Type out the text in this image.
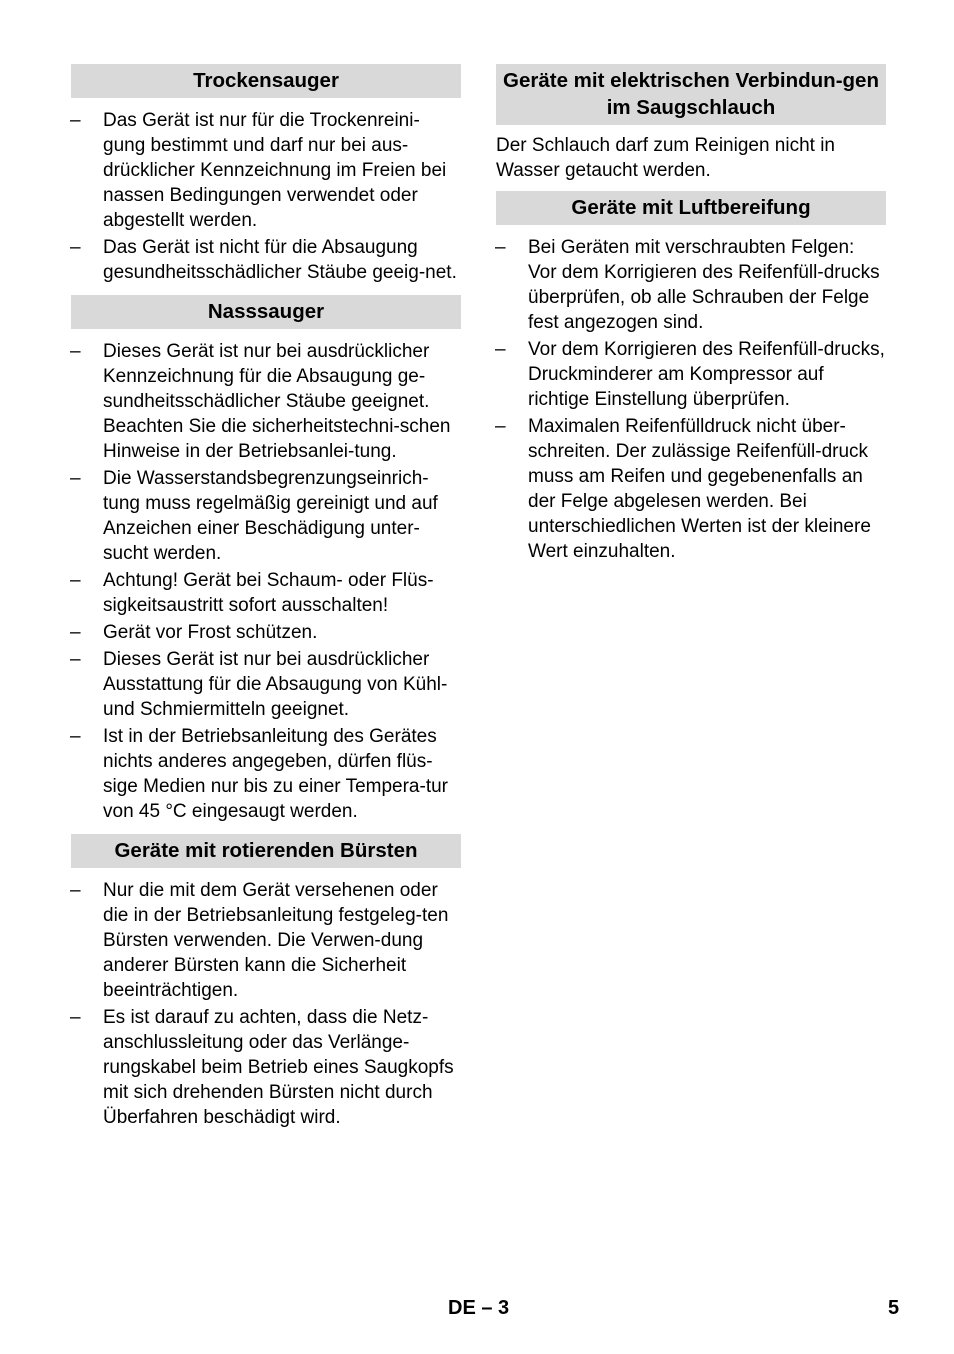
Trockensauger
– Das Gerät ist nur für die Trockenreini-gung bestimmt und darf nur bei aus-drücklicher Kennzeichnung im Freien bei nassen Bedingungen verwendet oder abgestellt werden.
– Das Gerät ist nicht für die Absaugung gesundheitsschädlicher Stäube geeig-net.
Nasssauger
– Dieses Gerät ist nur bei ausdrücklicher Kennzeichnung für die Absaugung ge-sundheitsschädlicher Stäube geeignet. Beachten Sie die sicherheitstechni-schen Hinweise in der Betriebsanlei-tung.
– Die Wasserstandsbegrenzungseinrich-tung muss regelmäßig gereinigt und auf Anzeichen einer Beschädigung unter-sucht werden.
– Achtung! Gerät bei Schaum- oder Flüs-sigkeitsaustritt sofort ausschalten!
– Gerät vor Frost schützen.
– Dieses Gerät ist nur bei ausdrücklicher Ausstattung für die Absaugung von Kühl- und Schmiermitteln geeignet.
– Ist in der Betriebsanleitung des Gerätes nichts anderes angegeben, dürfen flüs-sige Medien nur bis zu einer Tempera-tur von 45 °C eingesaugt werden.
Geräte mit rotierenden Bürsten
– Nur die mit dem Gerät versehenen oder die in der Betriebsanleitung festgeleg-ten Bürsten verwenden. Die Verwen-dung anderer Bürsten kann die Sicherheit beeinträchtigen.
– Es ist darauf zu achten, dass die Netz-anschlussleitung oder das Verlänge-rungskabel beim Betrieb eines Saugkopfs mit sich drehenden Bürsten nicht durch Überfahren beschädigt wird.
Geräte mit elektrischen Verbindun-gen im Saugschlauch

Der Schlauch darf zum Reinigen nicht in Wasser getaucht werden.

Geräte mit Luftbereifung
– Bei Geräten mit verschraubten Felgen: Vor dem Korrigieren des Reifenfüll-drucks überprüfen, ob alle Schrauben der Felge fest angezogen sind.
– Vor dem Korrigieren des Reifenfüll-drucks, Druckminderer am Kompressor auf richtige Einstellung überprüfen.
– Maximalen Reifenfülldruck nicht über-schreiten. Der zulässige Reifenfüll-druck muss am Reifen und gegebenenfalls an der Felge abgelesen werden. Bei unterschiedlichen Werten ist der kleinere Wert einzuhalten.
DE – 3	5
